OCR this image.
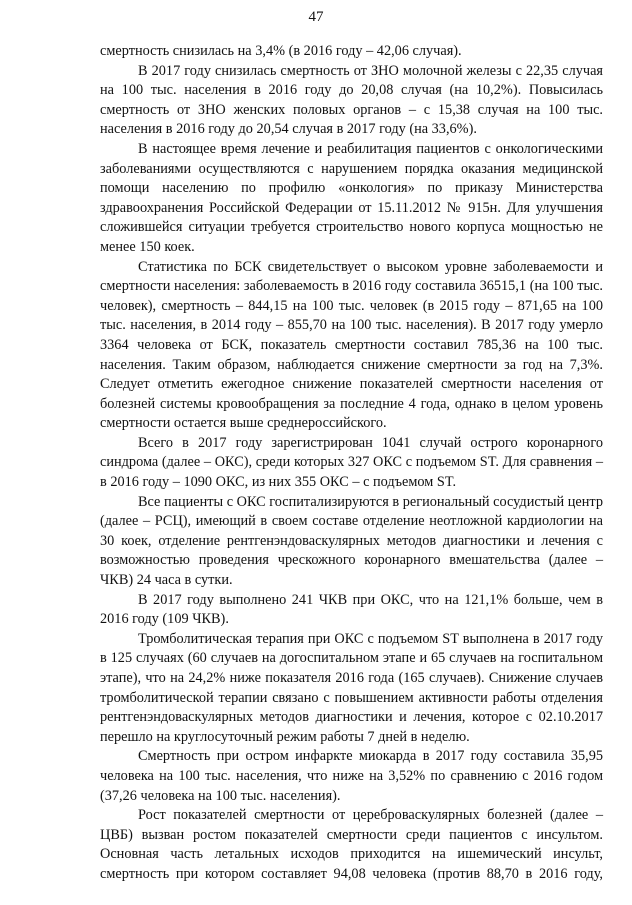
47

смертность снизилась на 3,4% (в 2016 году – 42,06 случая).

В 2017 году снизилась смертность от ЗНО молочной железы с 22,35 случая на 100 тыс. населения в 2016 году до 20,08 случая (на 10,2%). Повысилась смертность от ЗНО женских половых органов – с 15,38 случая на 100 тыс. населения в 2016 году до 20,54 случая в 2017 году (на 33,6%).

В настоящее время лечение и реабилитация пациентов с онкологическими заболеваниями осуществляются с нарушением порядка оказания медицинской помощи населению по профилю «онкология» по приказу Министерства здравоохранения Российской Федерации от 15.11.2012 № 915н. Для улучшения сложившейся ситуации требуется строительство нового корпуса мощностью не менее 150 коек.

Статистика по БСК свидетельствует о высоком уровне заболеваемости и смертности населения: заболеваемость в 2016 году составила 36515,1 (на 100 тыс. человек), смертность – 844,15 на 100 тыс. человек (в 2015 году – 871,65 на 100 тыс. населения, в 2014 году – 855,70 на 100 тыс. населения). В 2017 году умерло 3364 человека от БСК, показатель смертности составил 785,36 на 100 тыс. населения. Таким образом, наблюдается снижение смертности за год на 7,3%. Следует отметить ежегодное снижение показателей смертности населения от болезней системы кровообращения за последние 4 года, однако в целом уровень смертности остается выше среднероссийского.

Всего в 2017 году зарегистрирован 1041 случай острого коронарного синдрома (далее – ОКС), среди которых 327 ОКС с подъемом ST. Для сравнения – в 2016 году – 1090 ОКС, из них 355 ОКС – с подъемом ST.

Все пациенты с ОКС госпитализируются в региональный сосудистый центр (далее – РСЦ), имеющий в своем составе отделение неотложной кардиологии на 30 коек, отделение рентгенэндоваскулярных методов диагностики и лечения с возможностью проведения чрескожного коронарного вмешательства (далее – ЧКВ) 24 часа в сутки.

В 2017 году выполнено 241 ЧКВ при ОКС, что на 121,1% больше, чем в 2016 году (109 ЧКВ).

Тромболитическая терапия при ОКС с подъемом ST выполнена в 2017 году в 125 случаях (60 случаев на догоспитальном этапе и 65 случаев на госпитальном этапе), что на 24,2% ниже показателя 2016 года (165 случаев). Снижение случаев тромболитической терапии связано с повышением активности работы отделения рентгенэндоваскулярных методов диагностики и лечения, которое с 02.10.2017 перешло на круглосуточный режим работы 7 дней в неделю.

Смертность при остром инфаркте миокарда в 2017 году составила 35,95 человека на 100 тыс. населения, что ниже на 3,52% по сравнению с 2016 годом (37,26 человека на 100 тыс. населения).

Рост показателей смертности от цереброваскулярных болезней (далее – ЦВБ) вызван ростом показателей смертности среди пациентов с инсультом. Основная часть летальных исходов приходится на ишемический инсульт, смертность при котором составляет 94,08 человека (против 88,70 в 2016 году,
